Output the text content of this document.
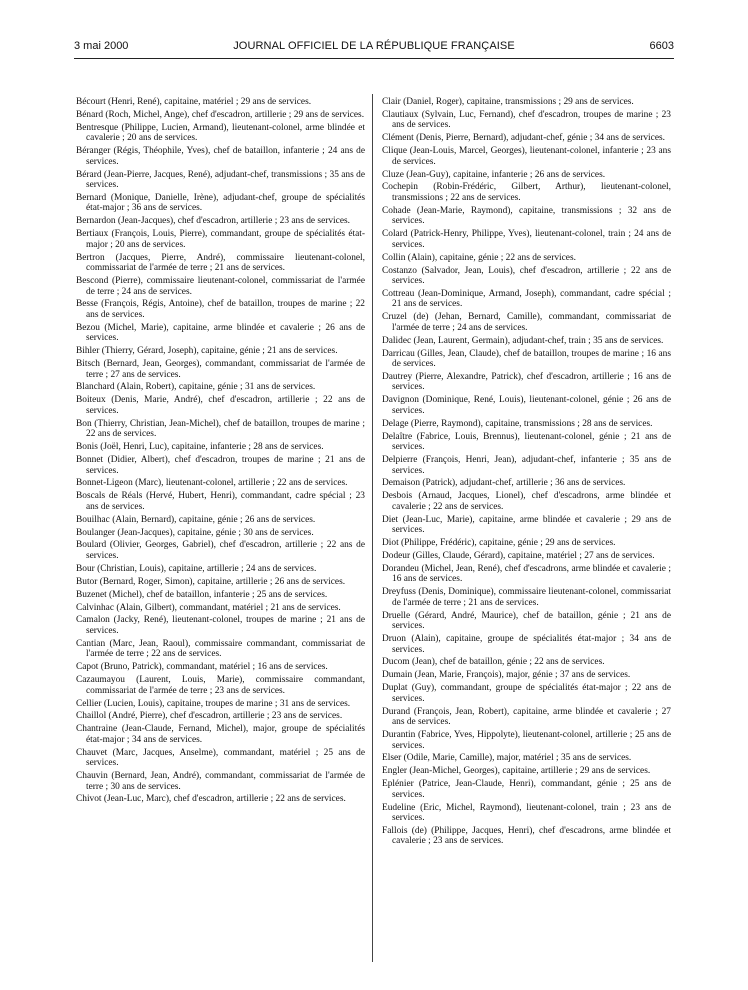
3 mai 2000	JOURNAL OFFICIEL DE LA RÉPUBLIQUE FRANÇAISE	6603

Bécourt (Henri, René), capitaine, matériel ; 29 ans de services.

Bénard (Roch, Michel, Ange), chef d'escadron, artillerie ; 29 ans de services.

Bentresque (Philippe, Lucien, Armand), lieutenant-colonel, arme blindée et cavalerie ; 20 ans de services.

Béranger (Régis, Théophile, Yves), chef de bataillon, infanterie ; 24 ans de services.

Bérard (Jean-Pierre, Jacques, René), adjudant-chef, transmissions ; 35 ans de services.

Bernard (Monique, Danielle, Irène), adjudant-chef, groupe de spécialités état-major ; 36 ans de services.

Bernardon (Jean-Jacques), chef d'escadron, artillerie ; 23 ans de services.

Bertiaux (François, Louis, Pierre), commandant, groupe de spécialités état-major ; 20 ans de services.

Bertron (Jacques, Pierre, André), commissaire lieutenant-colonel, commissariat de l'armée de terre ; 21 ans de services.

Bescond (Pierre), commissaire lieutenant-colonel, commissariat de l'armée de terre ; 24 ans de services.

Besse (François, Régis, Antoine), chef de bataillon, troupes de marine ; 22 ans de services.

Bezou (Michel, Marie), capitaine, arme blindée et cavalerie ; 26 ans de services.

Bihler (Thierry, Gérard, Joseph), capitaine, génie ; 21 ans de services.

Bitsch (Bernard, Jean, Georges), commandant, commissariat de l'armée de terre ; 27 ans de services.

Blanchard (Alain, Robert), capitaine, génie ; 31 ans de services.

Boiteux (Denis, Marie, André), chef d'escadron, artillerie ; 22 ans de services.

Bon (Thierry, Christian, Jean-Michel), chef de bataillon, troupes de marine ; 22 ans de services.

Bonis (Joël, Henri, Luc), capitaine, infanterie ; 28 ans de services.

Bonnet (Didier, Albert), chef d'escadron, troupes de marine ; 21 ans de services.

Bonnet-Ligeon (Marc), lieutenant-colonel, artillerie ; 22 ans de services.

Boscals de Réals (Hervé, Hubert, Henri), commandant, cadre spécial ; 23 ans de services.

Bouilhac (Alain, Bernard), capitaine, génie ; 26 ans de services.

Boulanger (Jean-Jacques), capitaine, génie ; 30 ans de services.

Boulard (Olivier, Georges, Gabriel), chef d'escadron, artillerie ; 22 ans de services.

Bour (Christian, Louis), capitaine, artillerie ; 24 ans de services.

Butor (Bernard, Roger, Simon), capitaine, artillerie ; 26 ans de services.

Buzenet (Michel), chef de bataillon, infanterie ; 25 ans de services.

Calvinhac (Alain, Gilbert), commandant, matériel ; 21 ans de services.

Camalon (Jacky, René), lieutenant-colonel, troupes de marine ; 21 ans de services.

Cantian (Marc, Jean, Raoul), commissaire commandant, commissariat de l'armée de terre ; 22 ans de services.

Capot (Bruno, Patrick), commandant, matériel ; 16 ans de services.

Cazaumayou (Laurent, Louis, Marie), commissaire commandant, commissariat de l'armée de terre ; 23 ans de services.

Cellier (Lucien, Louis), capitaine, troupes de marine ; 31 ans de services.

Chaillol (André, Pierre), chef d'escadron, artillerie ; 23 ans de services.

Chantraine (Jean-Claude, Fernand, Michel), major, groupe de spécialités état-major ; 34 ans de services.

Chauvet (Marc, Jacques, Anselme), commandant, matériel ; 25 ans de services.

Chauvin (Bernard, Jean, André), commandant, commissariat de l'armée de terre ; 30 ans de services.

Chivot (Jean-Luc, Marc), chef d'escadron, artillerie ; 22 ans de services.

Clair (Daniel, Roger), capitaine, transmissions ; 29 ans de services.

Clautiaux (Sylvain, Luc, Fernand), chef d'escadron, troupes de marine ; 23 ans de services.

Clément (Denis, Pierre, Bernard), adjudant-chef, génie ; 34 ans de services.

Clique (Jean-Louis, Marcel, Georges), lieutenant-colonel, infanterie ; 23 ans de services.

Cluze (Jean-Guy), capitaine, infanterie ; 26 ans de services.

Cochepin (Robin-Frédéric, Gilbert, Arthur), lieutenant-colonel, transmissions ; 22 ans de services.

Cohade (Jean-Marie, Raymond), capitaine, transmissions ; 32 ans de services.

Colard (Patrick-Henry, Philippe, Yves), lieutenant-colonel, train ; 24 ans de services.

Collin (Alain), capitaine, génie ; 22 ans de services.

Costanzo (Salvador, Jean, Louis), chef d'escadron, artillerie ; 22 ans de services.

Cottreau (Jean-Dominique, Armand, Joseph), commandant, cadre spécial ; 21 ans de services.

Cruzel (de) (Jehan, Bernard, Camille), commandant, commissariat de l'armée de terre ; 24 ans de services.

Dalidec (Jean, Laurent, Germain), adjudant-chef, train ; 35 ans de services.

Darricau (Gilles, Jean, Claude), chef de bataillon, troupes de marine ; 16 ans de services.

Dautrey (Pierre, Alexandre, Patrick), chef d'escadron, artillerie ; 16 ans de services.

Davignon (Dominique, René, Louis), lieutenant-colonel, génie ; 26 ans de services.

Delage (Pierre, Raymond), capitaine, transmissions ; 28 ans de services.

Delaître (Fabrice, Louis, Brennus), lieutenant-colonel, génie ; 21 ans de services.

Delpierre (François, Henri, Jean), adjudant-chef, infanterie ; 35 ans de services.

Demaison (Patrick), adjudant-chef, artillerie ; 36 ans de services.

Desbois (Arnaud, Jacques, Lionel), chef d'escadrons, arme blindée et cavalerie ; 22 ans de services.

Diet (Jean-Luc, Marie), capitaine, arme blindée et cavalerie ; 29 ans de services.

Diot (Philippe, Frédéric), capitaine, génie ; 29 ans de services.

Dodeur (Gilles, Claude, Gérard), capitaine, matériel ; 27 ans de services.

Dorandeu (Michel, Jean, René), chef d'escadrons, arme blindée et cavalerie ; 16 ans de services.

Dreyfuss (Denis, Dominique), commissaire lieutenant-colonel, commissariat de l'armée de terre ; 21 ans de services.

Druelle (Gérard, André, Maurice), chef de bataillon, génie ; 21 ans de services.

Druon (Alain), capitaine, groupe de spécialités état-major ; 34 ans de services.

Ducom (Jean), chef de bataillon, génie ; 22 ans de services.

Dumain (Jean, Marie, François), major, génie ; 37 ans de services.

Duplat (Guy), commandant, groupe de spécialités état-major ; 22 ans de services.

Durand (François, Jean, Robert), capitaine, arme blindée et cavalerie ; 27 ans de services.

Durantin (Fabrice, Yves, Hippolyte), lieutenant-colonel, artillerie ; 25 ans de services.

Elser (Odile, Marie, Camille), major, matériel ; 35 ans de services.

Engler (Jean-Michel, Georges), capitaine, artillerie ; 29 ans de services.

Eplénier (Patrice, Jean-Claude, Henri), commandant, génie ; 25 ans de services.

Eudeline (Eric, Michel, Raymond), lieutenant-colonel, train ; 23 ans de services.

Fallois (de) (Philippe, Jacques, Henri), chef d'escadrons, arme blindée et cavalerie ; 23 ans de services.
